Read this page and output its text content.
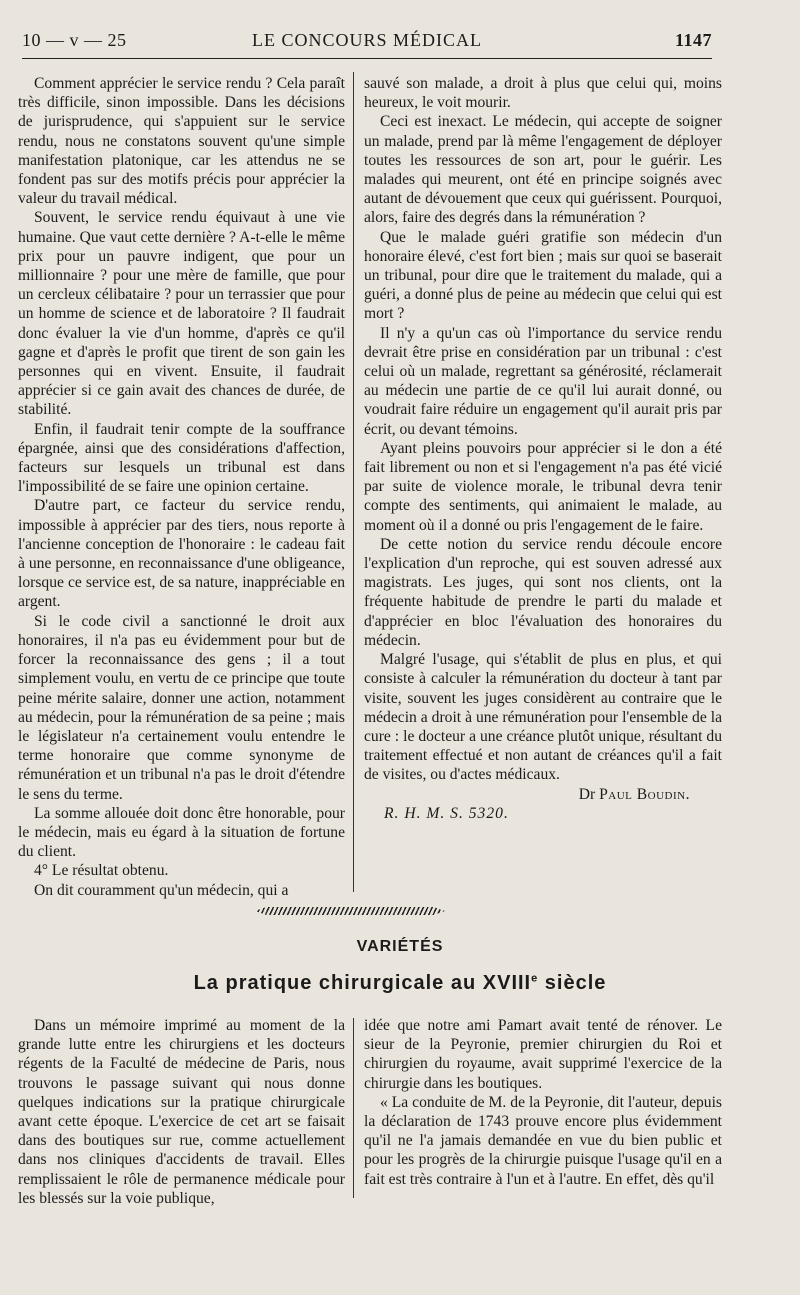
10 — v — 25	LE CONCOURS MÉDICAL	1147

Comment apprécier le service rendu ? Cela paraît très difficile, sinon impossible. Dans les décisions de jurisprudence, qui s'appuient sur le service rendu, nous ne constatons souvent qu'une simple manifestation platonique, car les attendus ne se fondent pas sur des motifs précis pour apprécier la valeur du travail médical.

Souvent, le service rendu équivaut à une vie humaine. Que vaut cette dernière ? A-t-elle le même prix pour un pauvre indigent, que pour un millionnaire ? pour une mère de famille, que pour un cercleux célibataire ? pour un terrassier que pour un homme de science et de laboratoire ? Il faudrait donc évaluer la vie d'un homme, d'après ce qu'il gagne et d'après le profit que tirent de son gain les personnes qui en vivent. Ensuite, il faudrait apprécier si ce gain avait des chances de durée, de stabilité.

Enfin, il faudrait tenir compte de la souffrance épargnée, ainsi que des considérations d'affection, facteurs sur lesquels un tribunal est dans l'impossibilité de se faire une opinion certaine.

D'autre part, ce facteur du service rendu, impossible à apprécier par des tiers, nous reporte à l'ancienne conception de l'honoraire : le cadeau fait à une personne, en reconnaissance d'une obligeance, lorsque ce service est, de sa nature, inappréciable en argent.

Si le code civil a sanctionné le droit aux honoraires, il n'a pas eu évidemment pour but de forcer la reconnaissance des gens ; il a tout simplement voulu, en vertu de ce principe que toute peine mérite salaire, donner une action, notamment au médecin, pour la rémunération de sa peine ; mais le législateur n'a certainement voulu entendre le terme honoraire que comme synonyme de rémunération et un tribunal n'a pas le droit d'étendre le sens du terme.

La somme allouée doit donc être honorable, pour le médecin, mais eu égard à la situation de fortune du client.

4° Le résultat obtenu.

On dit couramment qu'un médecin, qui a

sauvé son malade, a droit à plus que celui qui, moins heureux, le voit mourir.

Ceci est inexact. Le médecin, qui accepte de soigner un malade, prend par là même l'engagement de déployer toutes les ressources de son art, pour le guérir. Les malades qui meurent, ont été en principe soignés avec autant de dévouement que ceux qui guérissent. Pourquoi, alors, faire des degrés dans la rémunération ?

Que le malade guéri gratifie son médecin d'un honoraire élevé, c'est fort bien ; mais sur quoi se baserait un tribunal, pour dire que le traitement du malade, qui a guéri, a donné plus de peine au médecin que celui qui est mort ?

Il n'y a qu'un cas où l'importance du service rendu devrait être prise en considération par un tribunal : c'est celui où un malade, regrettant sa générosité, réclamerait au médecin une partie de ce qu'il lui aurait donné, ou voudrait faire réduire un engagement qu'il aurait pris par écrit, ou devant témoins.

Ayant pleins pouvoirs pour apprécier si le don a été fait librement ou non et si l'engagement n'a pas été vicié par suite de violence morale, le tribunal devra tenir compte des sentiments, qui animaient le malade, au moment où il a donné ou pris l'engagement de le faire.

De cette notion du service rendu découle encore l'explication d'un reproche, qui est souven adressé aux magistrats. Les juges, qui sont nos clients, ont la fréquente habitude de prendre le parti du malade et d'apprécier en bloc l'évaluation des honoraires du médecin.

Malgré l'usage, qui s'établit de plus en plus, et qui consiste à calculer la rémunération du docteur à tant par visite, souvent les juges considèrent au contraire que le médecin a droit à une rémunération pour l'ensemble de la cure : le docteur a une créance plutôt unique, résultant du traitement effectué et non autant de créances qu'il a fait de visites, ou d'actes médicaux.

Dr Paul Boudin.
R. H. M. S. 5320.
VARIÉTÉS
La pratique chirurgicale au XVIIIe siècle

Dans un mémoire imprimé au moment de la grande lutte entre les chirurgiens et les docteurs régents de la Faculté de médecine de Paris, nous trouvons le passage suivant qui nous donne quelques indications sur la pratique chirurgicale avant cette époque. L'exercice de cet art se faisait dans des boutiques sur rue, comme actuellement dans nos cliniques d'accidents de travail. Elles remplissaient le rôle de permanence médicale pour les blessés sur la voie publique,

idée que notre ami Pamart avait tenté de rénover. Le sieur de la Peyronie, premier chirurgien du Roi et chirurgien du royaume, avait supprimé l'exercice de la chirurgie dans les boutiques.

« La conduite de M. de la Peyronie, dit l'auteur, depuis la déclaration de 1743 prouve encore plus évidemment qu'il ne l'a jamais demandée en vue du bien public et pour les progrès de la chirurgie puisque l'usage qu'il en a fait est très contraire à l'un et à l'autre. En effet, dès qu'il
